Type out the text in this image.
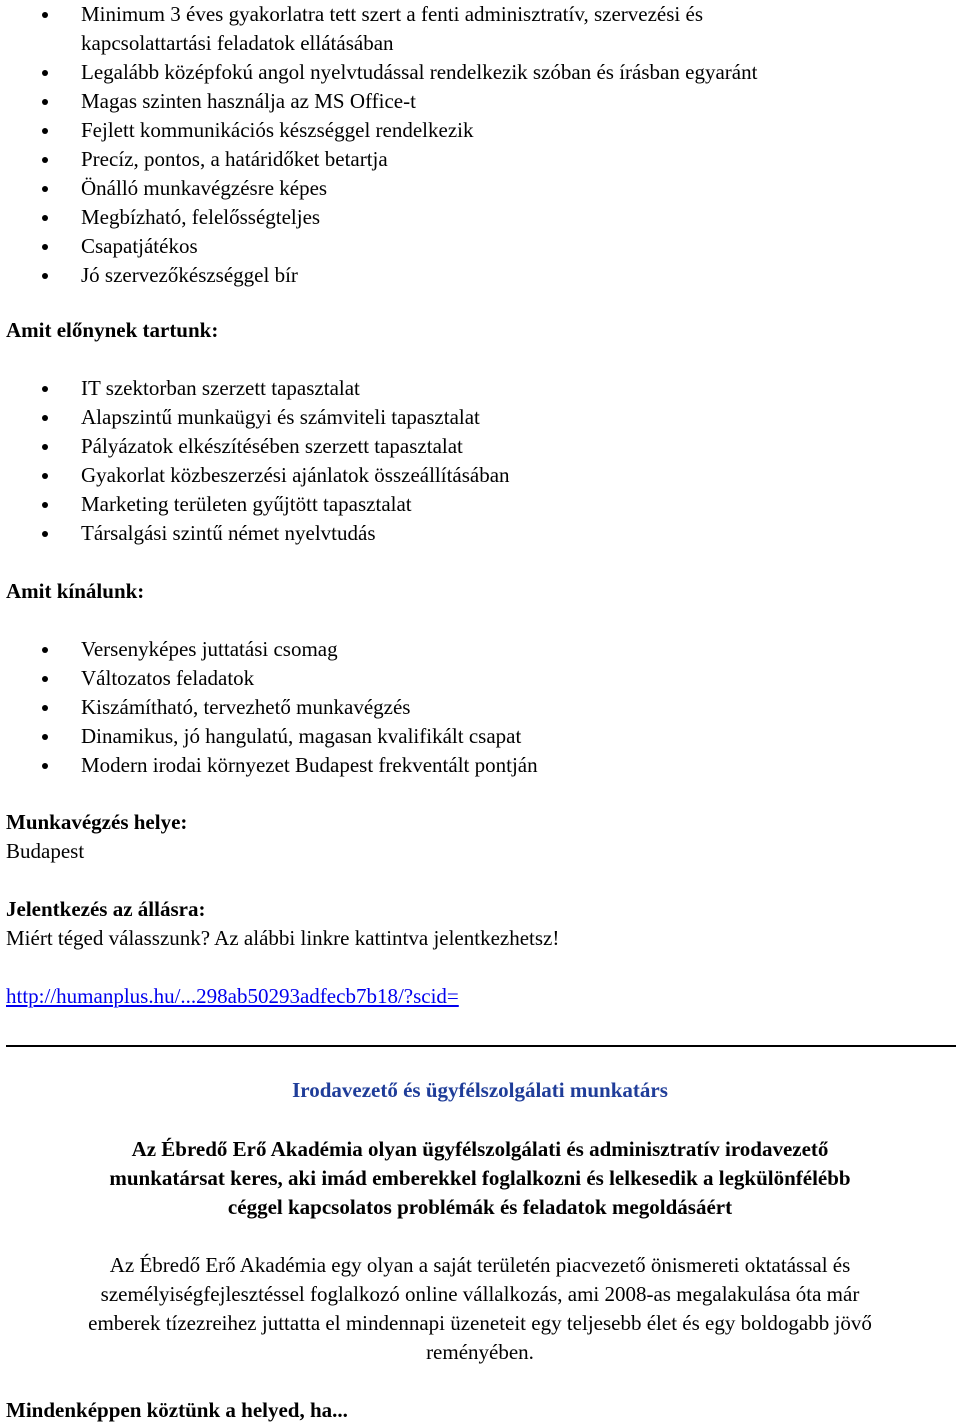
Minimum 3 éves gyakorlatra tett szert a fenti adminisztratív, szervezési és
kapcsolattartási feladatok ellátásában
Legalább középfokú angol nyelvtudással rendelkezik szóban és írásban egyaránt
Magas szinten használja az MS Office-t
Fejlett kommunikációs készséggel rendelkezik
Precíz, pontos, a határidőket betartja
Önálló munkavégzésre képes
Megbízható, felelősségteljes
Csapatjátékos
Jó szervezőkészséggel bír
Amit előnynek tartunk:
IT szektorban szerzett tapasztalat
Alapszintű munkaügyi és számviteli tapasztalat
Pályázatok elkészítésében szerzett tapasztalat
Gyakorlat közbeszerzési ajánlatok összeállításában
Marketing területen gyűjtött tapasztalat
Társalgási szintű német nyelvtudás
Amit kínálunk:
Versenyképes juttatási csomag
Változatos feladatok
Kiszámítható, tervezhető munkavégzés
Dinamikus, jó hangulatú, magasan kvalifikált csapat
Modern irodai környezet Budapest frekventált pontján
Munkavégzés helye:
Budapest
Jelentkezés az állásra:
Miért téged válasszunk? Az alábbi linkre kattintva jelentkezhetsz!
http://humanplus.hu/...298ab50293adfecb7b18/?scid=
Irodavezető és ügyfélszolgálati munkatárs
Az Ébredő Erő Akadémia olyan ügyfélszolgálati és adminisztratív irodavezető
munkatársat keres, aki imád emberekkel foglalkozni és lelkesedik a legkülönfélébb
céggel kapcsolatos problémák és feladatok megoldásáért
Az Ébredő Erő Akadémia egy olyan a saját területén piacvezető önismereti oktatással és
személyiségfejlesztéssel foglalkozó online vállalkozás, ami 2008-as megalakulása óta már
emberek tízezreihez juttatta el mindennapi üzeneteit egy teljesebb élet és egy boldogabb jövő
reményében.
Mindenképpen köztünk a helyed, ha...
